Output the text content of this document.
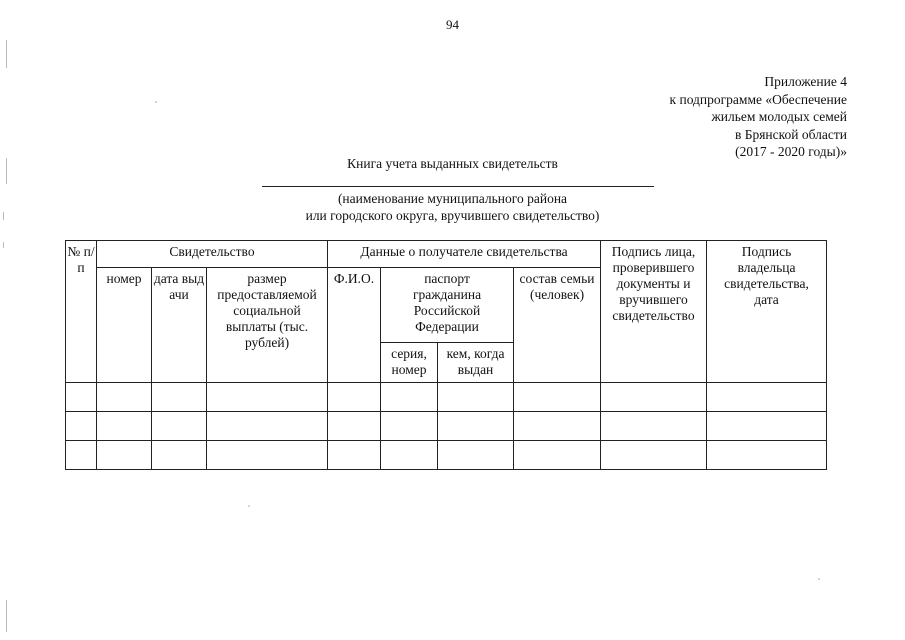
94
Приложение 4
к подпрограмме «Обеспечение
жильем молодых семей
в Брянской области
(2017 - 2020 годы)»
Книга учета выданных свидетельств
(наименование муниципального района
или городского округа, вручившего свидетельство)
№ п/п	Свидетельство			Данные о получателе свидетельства				Подпись лица, проверившего документы и вручившего свидетельство	Подпись владельца свидетельства, дата
	номер	дата выдачи	размер предоставляемой социальной выплаты (тыс. рублей)	Ф.И.О.	паспорт гражданина Российской Федерации		состав семьи (человек)		
					серия, номер	кем, когда выдан			
